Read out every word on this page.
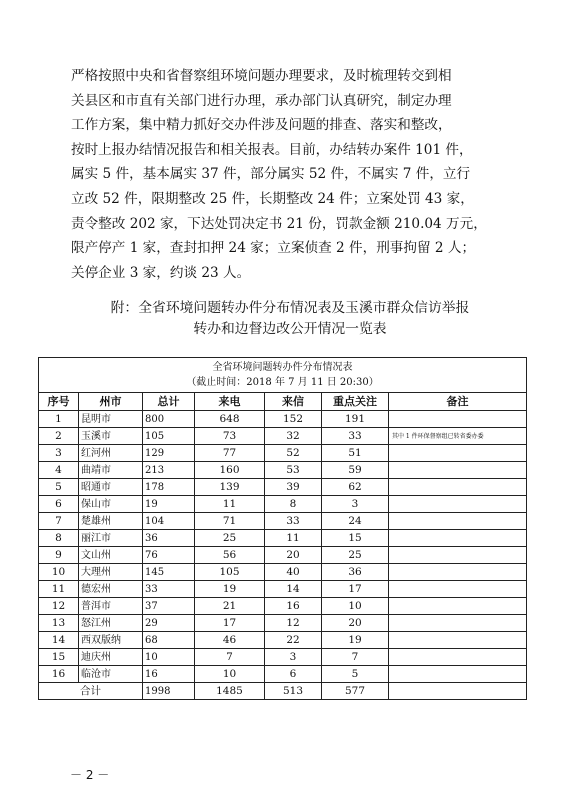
严格按照中央和省督察组环境问题办理要求，及时梳理转交到相
关县区和市直有关部门进行办理，承办部门认真研究，制定办理
工作方案，集中精力抓好交办件涉及问题的排查、落实和整改，
按时上报办结情况报告和相关报表。目前，办结转办案件 101 件，
属实 5 件，基本属实 37 件，部分属实 52 件，不属实 7 件，立行
立改 52 件，限期整改 25 件，长期整改 24 件；立案处罚 43 家，
责令整改 202 家，下达处罚决定书 21 份，罚款金额 210.04 万元，
限产停产 1 家，查封扣押 24 家；立案侦查 2 件，刑事拘留 2 人；
关停企业 3 家，约谈 23 人。
附：全省环境问题转办件分布情况表及玉溪市群众信访举报
转办和边督边改公开情况一览表
全省环境问题转办件分布情况表
（截止时间：2018 年 7 月 11 日 20:30）						

序号	州市	总计	来电	来信	重点关注	备注
1	昆明市	800	648	152	191	
2	玉溪市	105	73	32	33	其中 1 件环保督察组已转省委办委
3	红河州	129	77	52	51	
4	曲靖市	213	160	53	59	
5	昭通市	178	139	39	62	
6	保山市	19	11	8	3	
7	楚雄州	104	71	33	24	
8	丽江市	36	25	11	15	
9	文山州	76	56	20	25	
10	大理州	145	105	40	36	
11	德宏州	33	19	14	17	
12	普洱市	37	21	16	10	
13	怒江州	29	17	12	20	
14	西双版纳	68	46	22	19	
15	迪庆州	10	7	3	7	
16	临沧市	16	10	6	5	
合计		1998	1485	513	577	
－ 2 －
